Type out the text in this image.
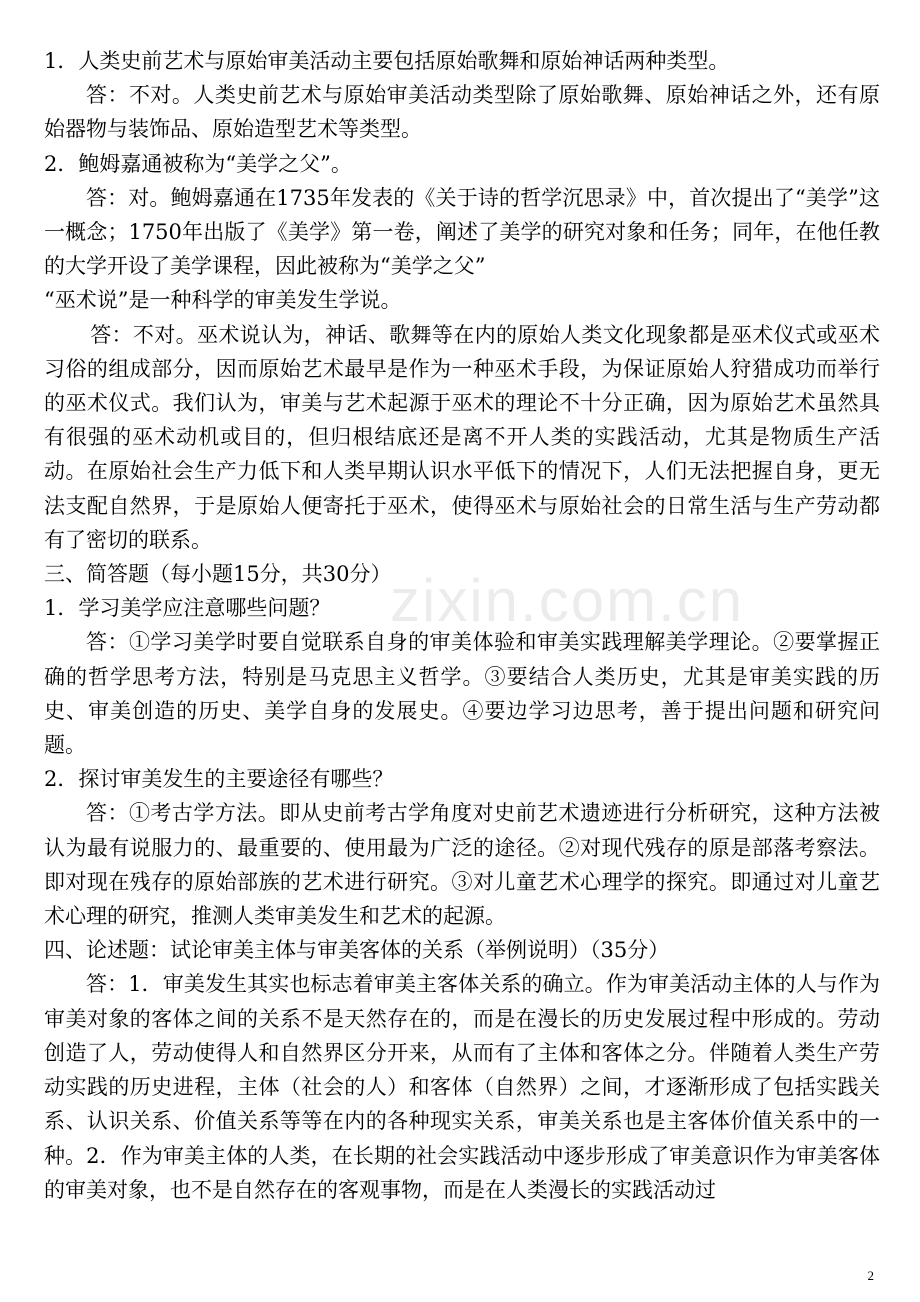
zixin.com.cn

1．人类史前艺术与原始审美活动主要包括原始歌舞和原始神话两种类型。

答：不对。人类史前艺术与原始审美活动类型除了原始歌舞、原始神话之外，还有原始器物与装饰品、原始造型艺术等类型。

2．鲍姆嘉通被称为“美学之父”。

答：对。鲍姆嘉通在1735年发表的《关于诗的哲学沉思录》中，首次提出了“美学”这一概念；1750年出版了《美学》第一卷，阐述了美学的研究对象和任务；同年，在他任教的大学开设了美学课程，因此被称为“美学之父”

“巫术说”是一种科学的审美发生学说。

答：不对。巫术说认为，神话、歌舞等在内的原始人类文化现象都是巫术仪式或巫术习俗的组成部分，因而原始艺术最早是作为一种巫术手段，为保证原始人狩猎成功而举行的巫术仪式。我们认为，审美与艺术起源于巫术的理论不十分正确，因为原始艺术虽然具有很强的巫术动机或目的，但归根结底还是离不开人类的实践活动，尤其是物质生产活动。在原始社会生产力低下和人类早期认识水平低下的情况下，人们无法把握自身，更无法支配自然界，于是原始人便寄托于巫术，使得巫术与原始社会的日常生活与生产劳动都有了密切的联系。

三、简答题（每小题15分，共30分）

1．学习美学应注意哪些问题？

答：①学习美学时要自觉联系自身的审美体验和审美实践理解美学理论。②要掌握正确的哲学思考方法，特别是马克思主义哲学。③要结合人类历史，尤其是审美实践的历史、审美创造的历史、美学自身的发展史。④要边学习边思考，善于提出问题和研究问题。

2．探讨审美发生的主要途径有哪些？

答：①考古学方法。即从史前考古学角度对史前艺术遗迹进行分析研究，这种方法被认为最有说服力的、最重要的、使用最为广泛的途径。②对现代残存的原是部落考察法。即对现在残存的原始部族的艺术进行研究。③对儿童艺术心理学的探究。即通过对儿童艺术心理的研究，推测人类审美发生和艺术的起源。

四、论述题：试论审美主体与审美客体的关系（举例说明）（35分）

答：1．审美发生其实也标志着审美主客体关系的确立。作为审美活动主体的人与作为审美对象的客体之间的关系不是天然存在的，而是在漫长的历史发展过程中形成的。劳动创造了人，劳动使得人和自然界区分开来，从而有了主体和客体之分。伴随着人类生产劳动实践的历史进程，主体（社会的人）和客体（自然界）之间，才逐渐形成了包括实践关系、认识关系、价值关系等等在内的各种现实关系，审美关系也是主客体价值关系中的一种。2．作为审美主体的人类，在长期的社会实践活动中逐步形成了审美意识作为审美客体的审美对象，也不是自然存在的客观事物，而是在人类漫长的实践活动过

2
